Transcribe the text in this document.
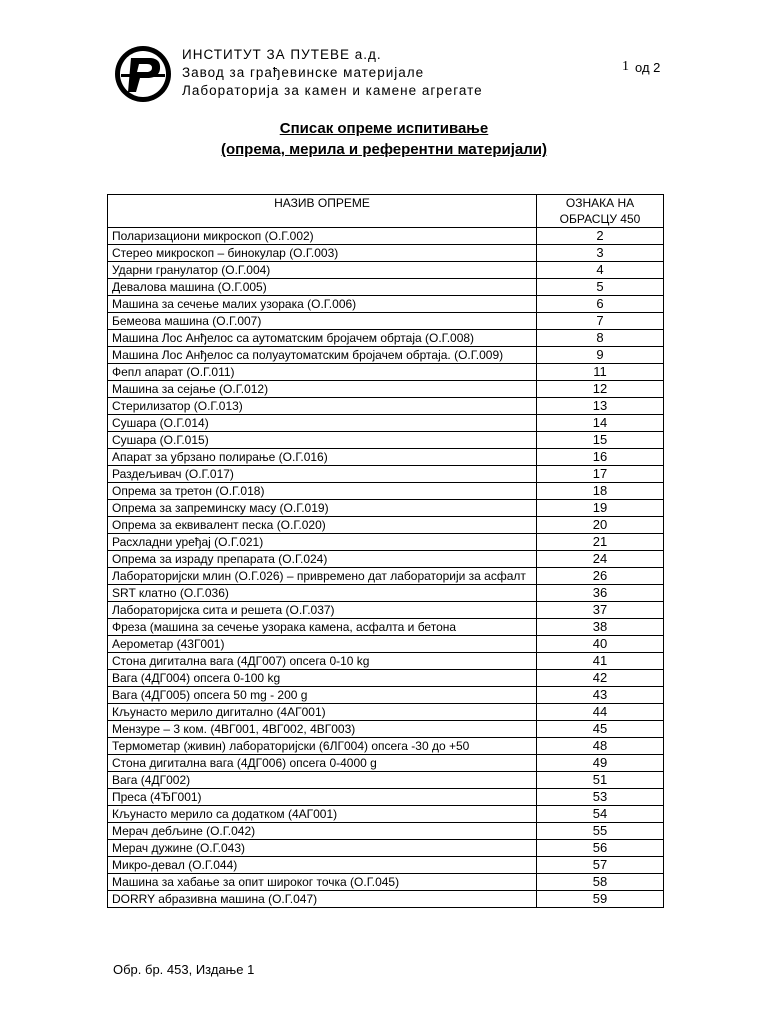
ИНСТИТУТ ЗА ПУТЕВЕ а.д.
Завод за грађевинске материјале
Лабораторија за камен и камене агрегате
1 од 2
Списак опреме испитивање
(опрема, мерила и референтни материјали)
НАЗИВ ОПРЕМЕ	ОЗНАКА НА ОБРАСЦУ 450
Поларизациони микроскоп (О.Г.002)	2
Стерео микроскоп – бинокулар (О.Г.003)	3
Ударни гранулатор (О.Г.004)	4
Девалова машина (О.Г.005)	5
Машина за сечење малих узорака (О.Г.006)	6
Бемеова машина (О.Г.007)	7
Машина Лос Анђелос са аутоматским бројачем обртаја (О.Г.008)	8
Машина Лос Анђелос са полуаутоматским бројачем обртаја. (О.Г.009)	9
Фепл апарат (О.Г.011)	11
Машина за сејање (О.Г.012)	12
Стерилизатор (О.Г.013)	13
Сушара (О.Г.014)	14
Сушара (О.Г.015)	15
Апарат за убрзано полирање (О.Г.016)	16
Раздељивач (О.Г.017)	17
Опрема за третон (О.Г.018)	18
Опрема за запреминску масу (О.Г.019)	19
Опрема за еквивалент песка (О.Г.020)	20
Расхладни уређај (О.Г.021)	21
Опрема за израду препарата (О.Г.024)	24
Лабораторијски млин (О.Г.026) – привремено дат лабораторији за асфалт	26
SRT клатно (О.Г.036)	36
Лабораторијска сита и решета (О.Г.037)	37
Фреза (машина за сечење узорака камена, асфалта и бетона	38
Аерометар (43Г001)	40
Стона дигитална вага (4ДГ007) опсега 0-10 kg	41
Вага (4ДГ004) опсега 0-100 kg	42
Вага (4ДГ005) опсега 50 mg - 200 g	43
Кљунасто мерило дигитално (4АГ001)	44
Мензуре – 3 ком. (4ВГ001, 4ВГ002, 4ВГ003)	45
Термометар (живин) лабораторијски (6ЛГ004) опсега -30 до +50	48
Стона дигитална вага (4ДГ006) опсега 0-4000 g	49
Вага (4ДГ002)	51
Преса (4ЂГ001)	53
Кљунасто мерило са додатком (4АГ001)	54
Мерач дебљине (О.Г.042)	55
Мерач дужине (О.Г.043)	56
Микро-девал (О.Г.044)	57
Машина за хабање за опит широког точка (О.Г.045)	58
DORRY абразивна машина (О.Г.047)	59
Обр. бр. 453, Издање 1
